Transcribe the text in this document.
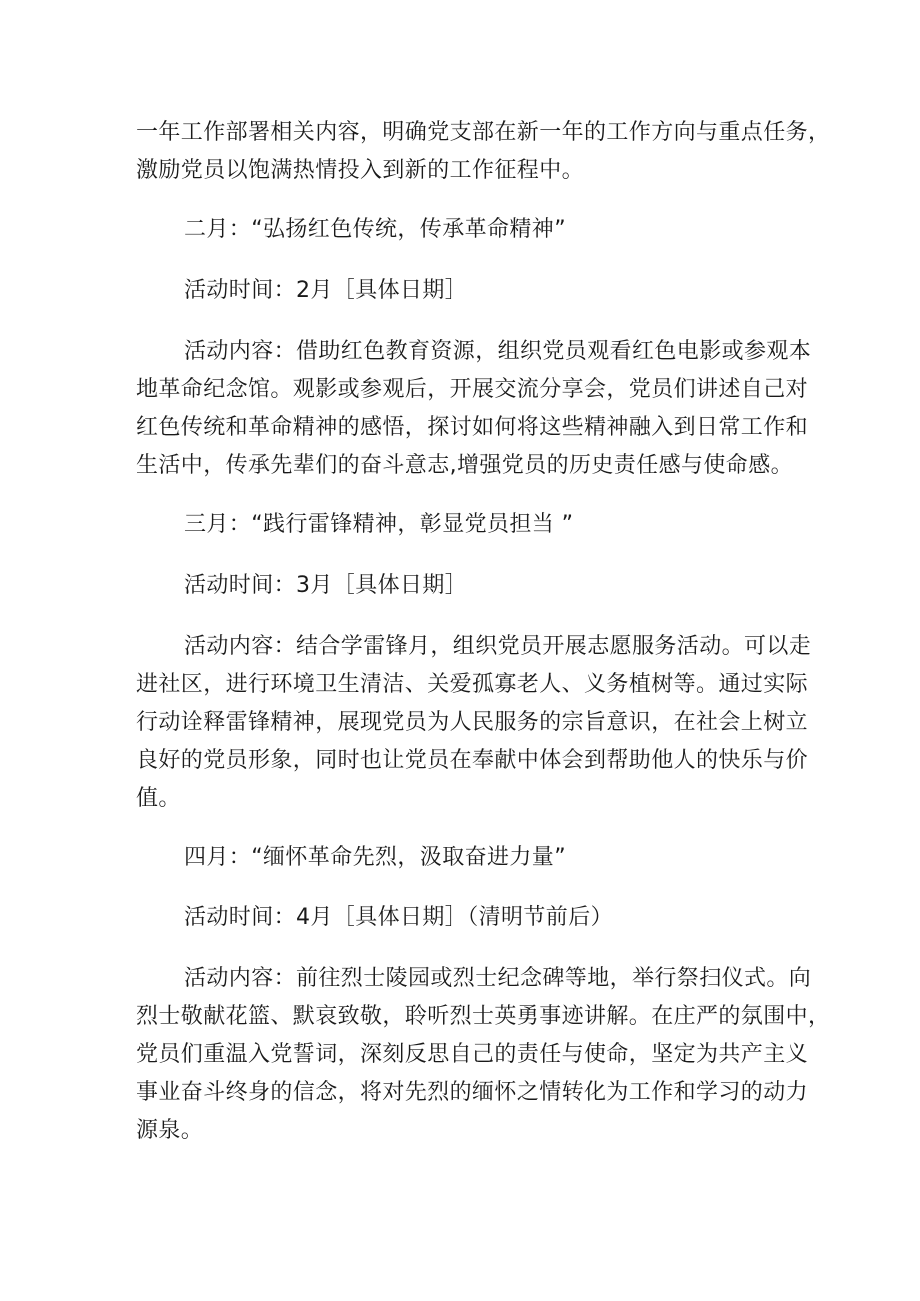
一年工作部署相关内容，明确党支部在新一年的工作方向与重点任务，
激励党员以饱满热情投入到新的工作征程中。
二月：“弘扬红色传统，传承革命精神”
活动时间：2月［具体日期］
活动内容：借助红色教育资源，组织党员观看红色电影或参观本
地革命纪念馆。观影或参观后，开展交流分享会，党员们讲述自己对
红色传统和革命精神的感悟，探讨如何将这些精神融入到日常工作和
生活中，传承先辈们的奋斗意志,增强党员的历史责任感与使命感。
三月：“践行雷锋精神，彰显党员担当 ”
活动时间：3月［具体日期］
活动内容：结合学雷锋月，组织党员开展志愿服务活动。可以走
进社区，进行环境卫生清洁、关爱孤寡老人、义务植树等。通过实际
行动诠释雷锋精神，展现党员为人民服务的宗旨意识，在社会上树立
良好的党员形象，同时也让党员在奉献中体会到帮助他人的快乐与价
值。
四月：“缅怀革命先烈，汲取奋进力量”
活动时间：4月［具体日期］（清明节前后）
活动内容：前往烈士陵园或烈士纪念碑等地，举行祭扫仪式。向
烈士敬献花篮、默哀致敬，聆听烈士英勇事迹讲解。在庄严的氛围中，
党员们重温入党誓词，深刻反思自己的责任与使命，坚定为共产主义
事业奋斗终身的信念，将对先烈的缅怀之情转化为工作和学习的动力
源泉。
